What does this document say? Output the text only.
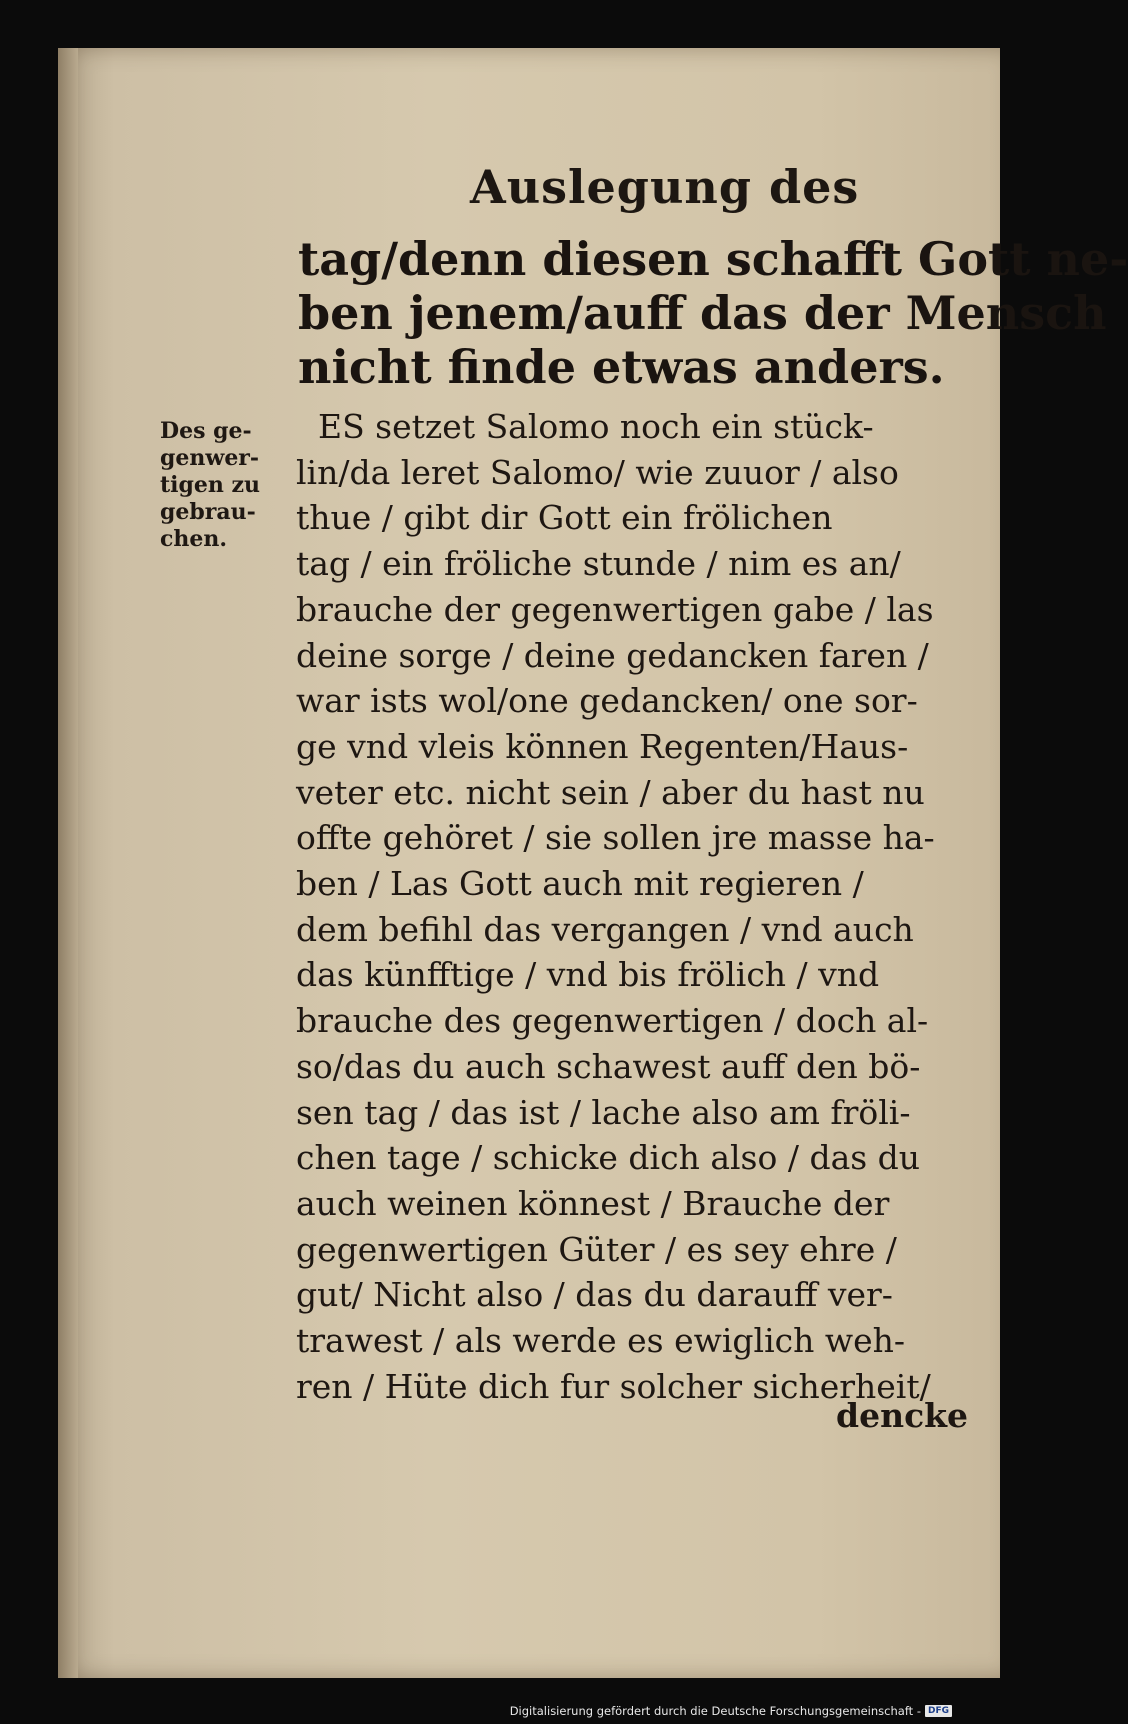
Auslegung des
tag/denn diesen schafft Gott ne-
ben jenem/auff das der Mensch
nicht finde etwas anders.
Des ge-
genwer-
tigen zu
gebrau-
chen.
ES setzet Salomo noch ein stück-
lin/da leret Salomo/ wie zuuor / also
thue / gibt dir Gott ein frölichen
tag / ein fröliche stunde / nim es an/
brauche der gegenwertigen gabe / las
deine sorge / deine gedancken faren /
war ists wol/one gedancken/ one sor-
ge vnd vleis können Regenten/Haus-
veter etc. nicht sein / aber du hast nu
offte gehöret / sie sollen jre masse ha-
ben / Las Gott auch mit regieren /
dem befihl das vergangen / vnd auch
das künfftige / vnd bis frölich / vnd
brauche des gegenwertigen / doch al-
so/das du auch schawest auff den bö-
sen tag / das ist / lache also am fröli-
chen tage / schicke dich also / das du
auch weinen könnest / Brauche der
gegenwertigen Güter / es sey ehre /
gut/ Nicht also / das du darauff ver-
trawest / als werde es ewiglich weh-
ren / Hüte dich fur solcher sicherheit/
dencke
Digitalisierung gefördert durch die Deutsche Forschungsgemeinschaft - DFG
